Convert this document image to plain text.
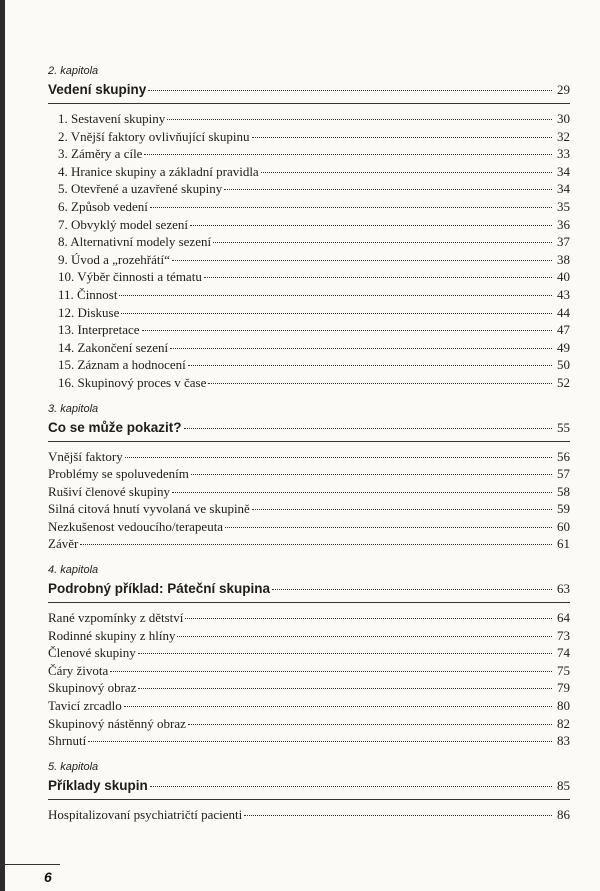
2. kapitola
Vedení skupiny	29
1. Sestavení skupiny	30
2. Vnější faktory ovlivňující skupinu	32
3. Záměry a cíle	33
4. Hranice skupiny a základní pravidla	34
5. Otevřené a uzavřené skupiny	34
6. Způsob vedení	35
7. Obvyklý model sezení	36
8. Alternativní modely sezení	37
9. Úvod a „rozehřátí“	38
10. Výběr činnosti a tématu	40
11. Činnost	43
12. Diskuse	44
13. Interpretace	47
14. Zakončení sezení	49
15. Záznam a hodnocení	50
16. Skupinový proces v čase	52
3. kapitola
Co se může pokazit?	55
Vnější faktory	56
Problémy se spoluvedením	57
Rušiví členové skupiny	58
Silná citová hnutí vyvolaná ve skupině	59
Nezkušenost vedoucího/terapeuta	60
Závěr	61
4. kapitola
Podrobný příklad: Páteční skupina	63
Rané vzpomínky z dětství	64
Rodinné skupiny z hlíny	73
Členové skupiny	74
Čáry života	75
Skupinový obraz	79
Tavicí zrcadlo	80
Skupinový nástěnný obraz	82
Shrnutí	83
5. kapitola
Příklady skupin	85
Hospitalizovaní psychiatričtí pacienti	86
6
